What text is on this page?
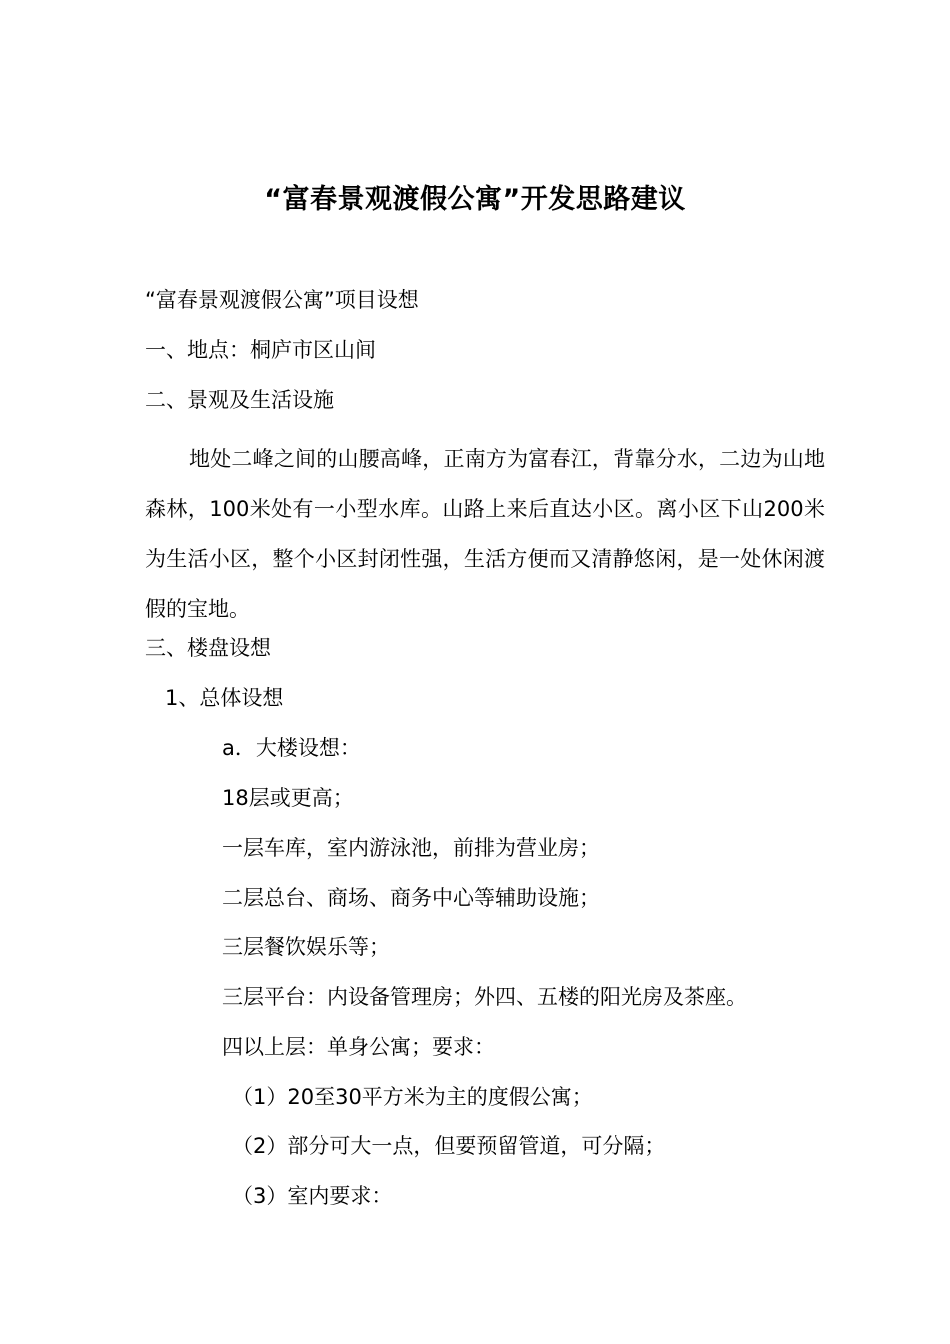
“富春景观渡假公寓”开发思路建议
“富春景观渡假公寓”项目设想
一、地点：桐庐市区山间
二、景观及生活设施

地处二峰之间的山腰高峰，正南方为富春江，背靠分水，二边为山地森林，100米处有一小型水库。山路上来后直达小区。离小区下山200米为生活小区，整个小区封闭性强，生活方便而又清静悠闲，是一处休闲渡假的宝地。

三、楼盘设想
1、总体设想
a．大楼设想：
18层或更高；
一层车库，室内游泳池，前排为营业房；
二层总台、商场、商务中心等辅助设施；
三层餐饮娱乐等；
三层平台：内设备管理房；外四、五楼的阳光房及茶座。
四以上层：单身公寓；要求：
（1）20至30平方米为主的度假公寓；
（2）部分可大一点，但要预留管道，可分隔；
（3）室内要求：
